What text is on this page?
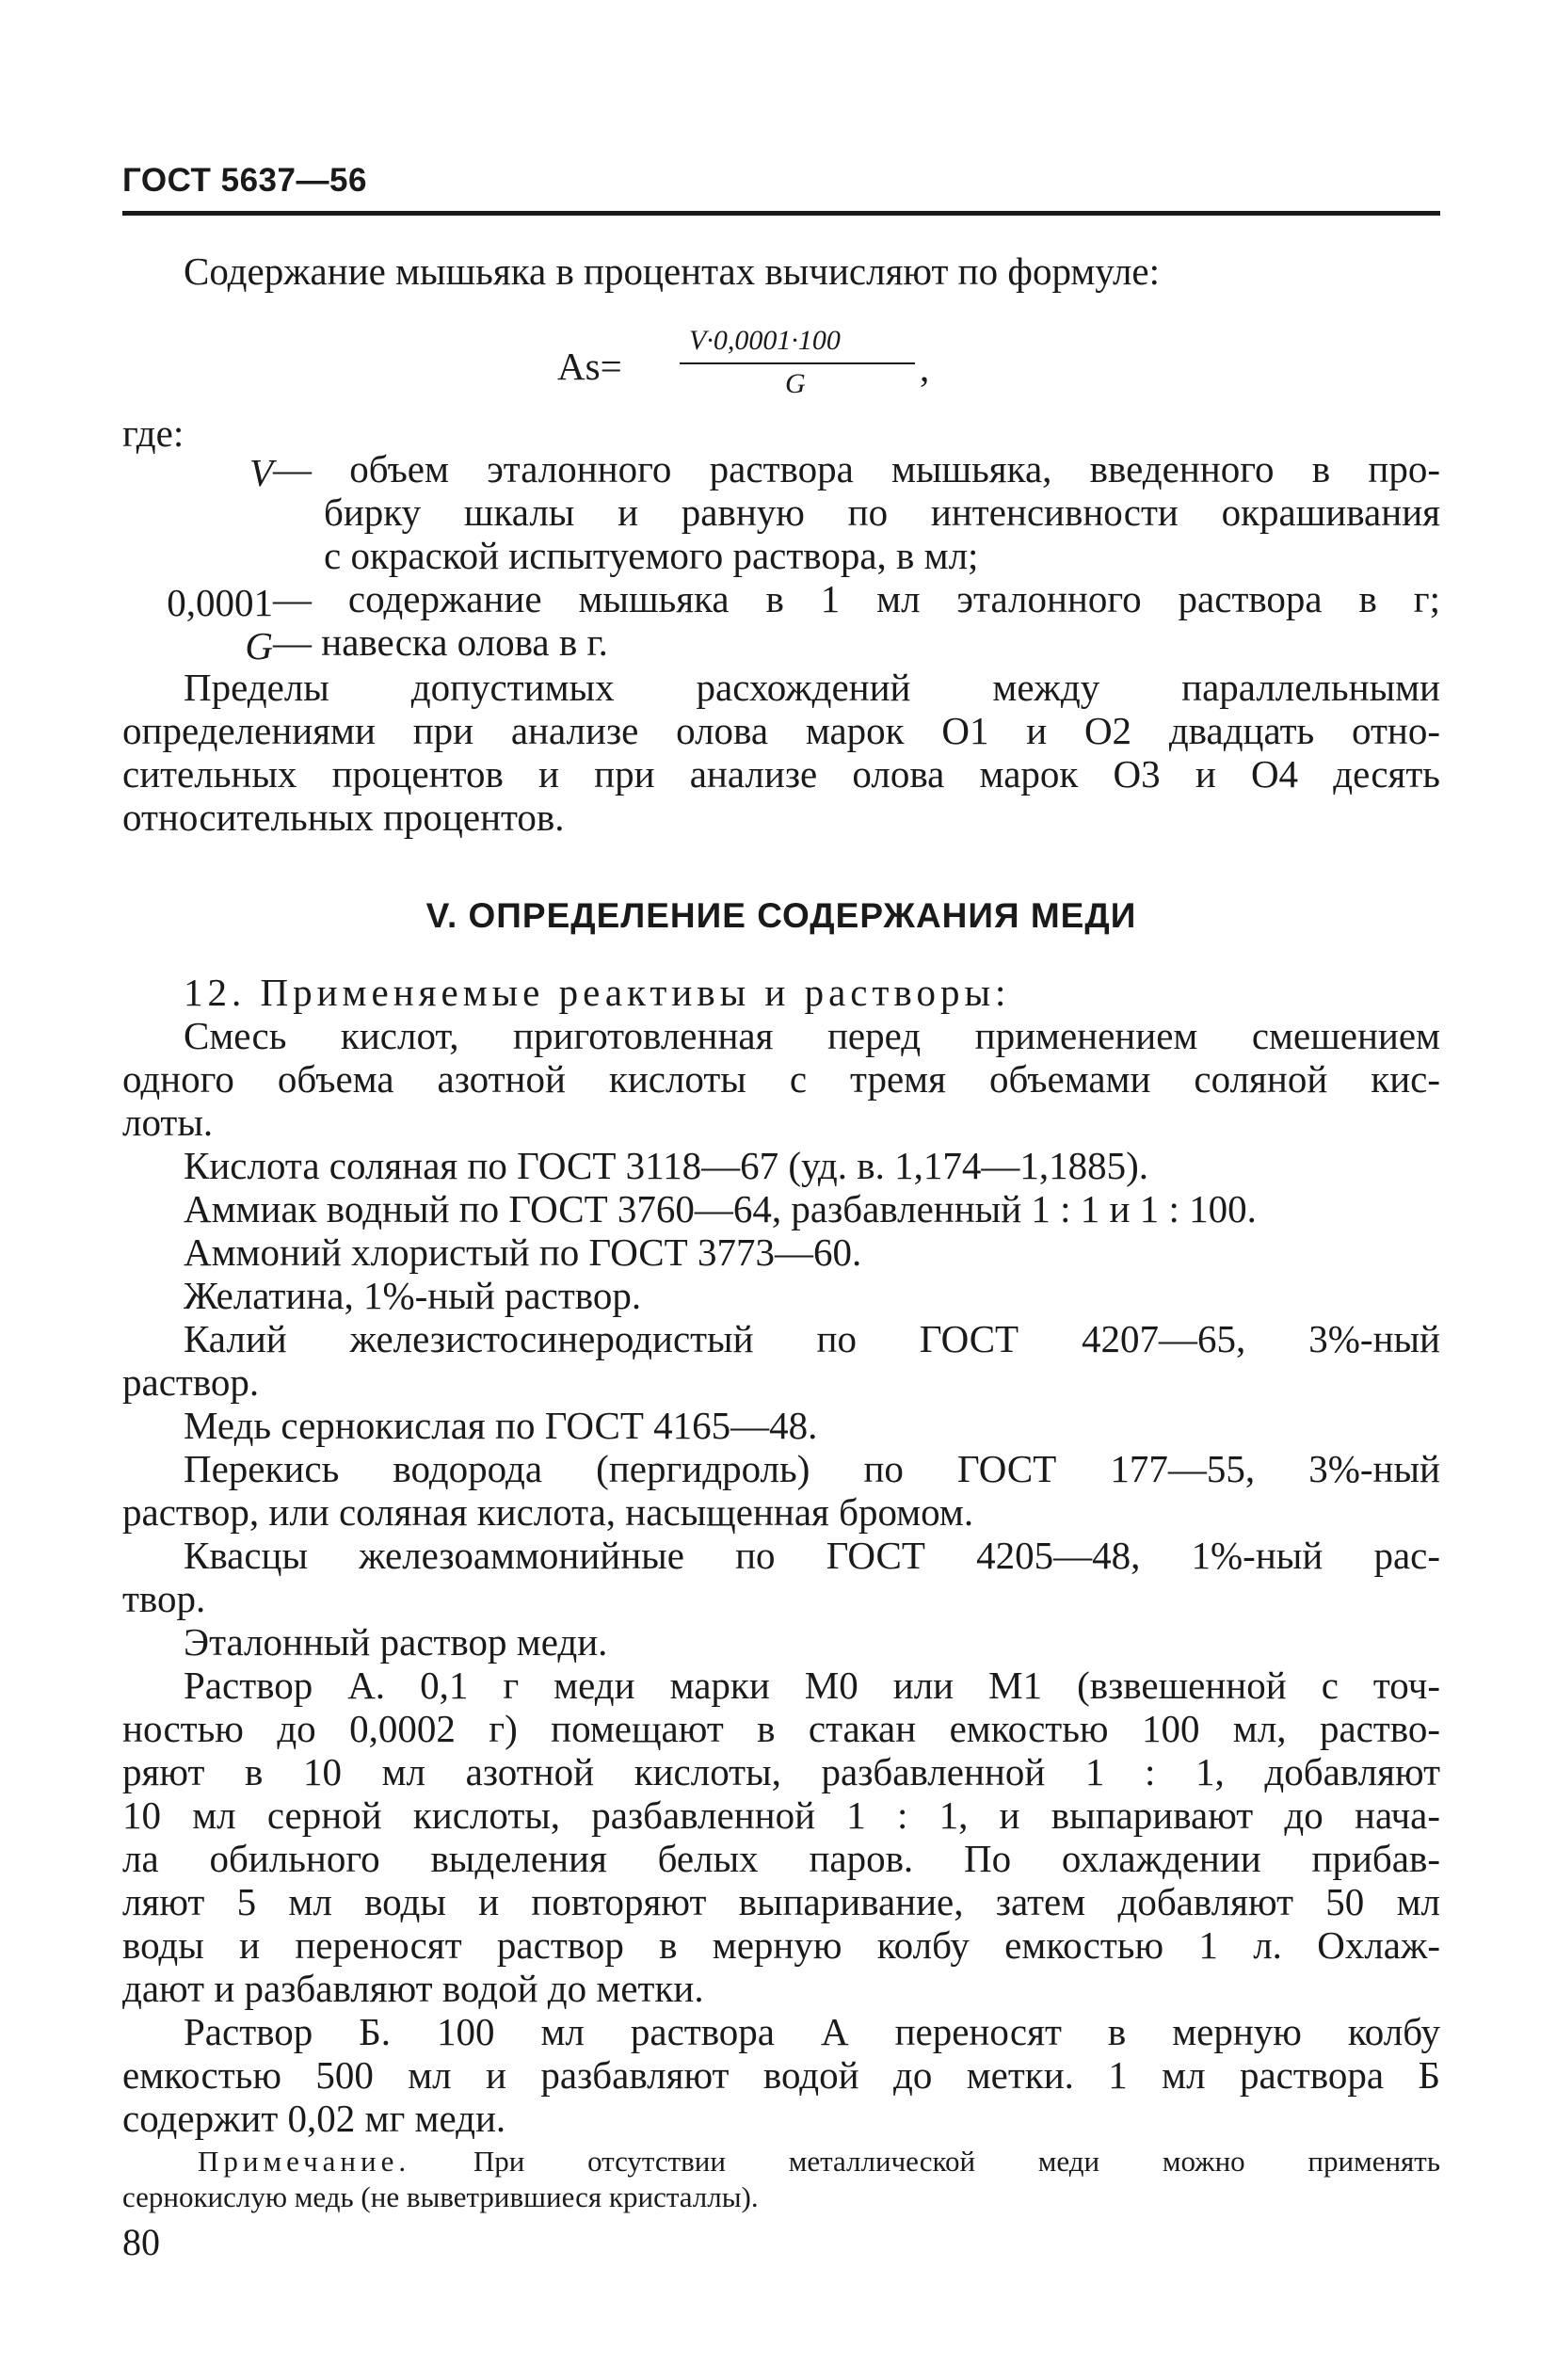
ГОСТ 5637—56
Содержание мышьяка в процентах вычисляют по формуле:
As=
V·0,0001·100
G	,
где:
V — объем эталонного раствора мышьяка, введенного в про-
бирку шкалы и равную по интенсивности окрашивания
с окраской испытуемого раствора, в мл;
0,0001 — содержание мышьяка в 1 мл эталонного раствора в г;
G — навеска олова в г.
Пределы допустимых расхождений между параллельными
определениями при анализе олова марок О1 и О2 двадцать отно-
сительных процентов и при анализе олова марок О3 и О4 десять
относительных процентов.
V. ОПРЕДЕЛЕНИЕ СОДЕРЖАНИЯ МЕДИ
12. Применяемые реактивы и растворы:
Смесь кислот, приготовленная перед применением смешением
одного объема азотной кислоты с тремя объемами соляной кис-
лоты.
Кислота соляная по ГОСТ 3118—67 (уд. в. 1,174—1,1885).
Аммиак водный по ГОСТ 3760—64, разбавленный 1 : 1 и 1 : 100.
Аммоний хлористый по ГОСТ 3773—60.
Желатина, 1%-ный раствор.
Калий железистосинеродистый по ГОСТ 4207—65, 3%-ный
раствор.
Медь сернокислая по ГОСТ 4165—48.
Перекись водорода (пергидроль) по ГОСТ 177—55, 3%-ный
раствор, или соляная кислота, насыщенная бромом.
Квасцы железоаммонийные по ГОСТ 4205—48, 1%-ный рас-
твор.
Эталонный раствор меди.
Раствор А. 0,1 г меди марки М0 или М1 (взвешенной с точ-
ностью до 0,0002 г) помещают в стакан емкостью 100 мл, раство-
ряют в 10 мл азотной кислоты, разбавленной 1 : 1, добавляют
10 мл серной кислоты, разбавленной 1 : 1, и выпаривают до нача-
ла обильного выделения белых паров. По охлаждении прибав-
ляют 5 мл воды и повторяют выпаривание, затем добавляют 50 мл
воды и переносят раствор в мерную колбу емкостью 1 л. Охлаж-
дают и разбавляют водой до метки.
Раствор Б. 100 мл раствора А переносят в мерную колбу
емкостью 500 мл и разбавляют водой до метки. 1 мл раствора Б
содержит 0,02 мг меди.
Примечание. При отсутствии металлической меди можно применять
сернокислую медь (не выветрившиеся кристаллы).
80
